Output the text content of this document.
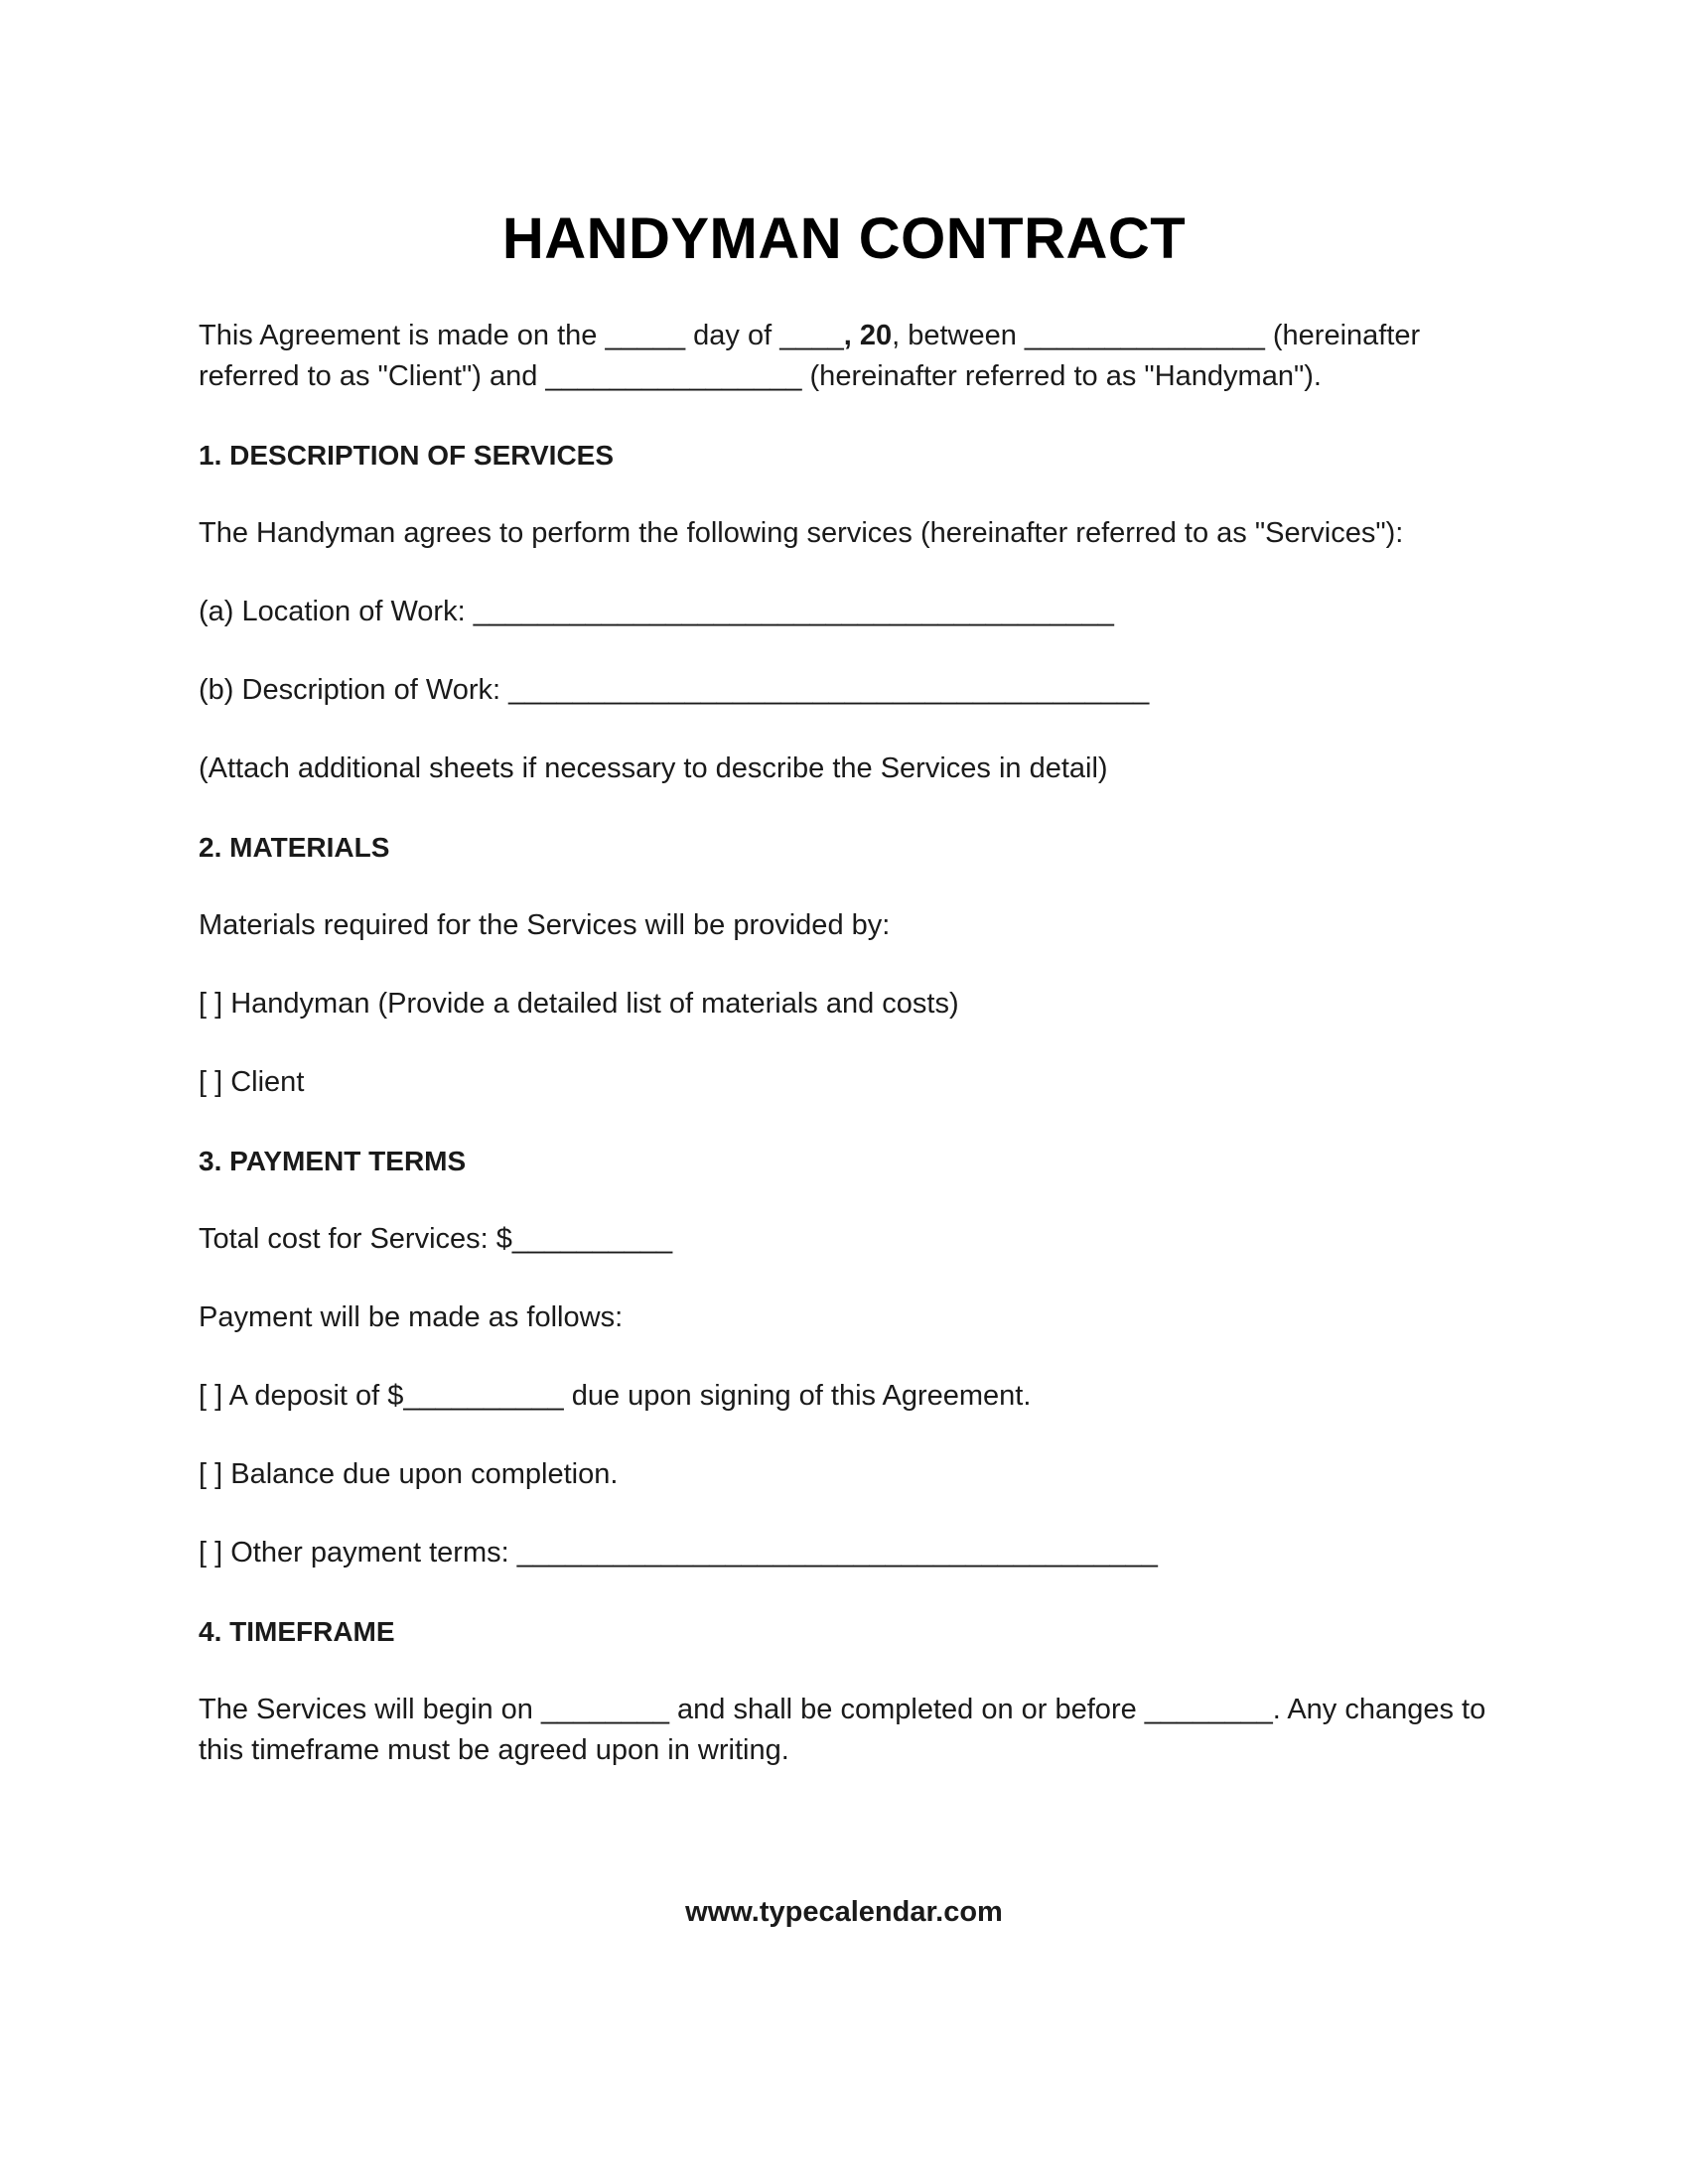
HANDYMAN CONTRACT

This Agreement is made on the _____ day of ____, 20, between _______________ (hereinafter referred to as "Client") and ________________ (hereinafter referred to as "Handyman").

1. DESCRIPTION OF SERVICES

The Handyman agrees to perform the following services (hereinafter referred to as "Services"):

(a) Location of Work: ________________________________________

(b) Description of Work: ________________________________________

(Attach additional sheets if necessary to describe the Services in detail)

2. MATERIALS

Materials required for the Services will be provided by:

[ ] Handyman (Provide a detailed list of materials and costs)

[ ] Client

3. PAYMENT TERMS

Total cost for Services: $__________

Payment will be made as follows:

[ ] A deposit of $__________ due upon signing of this Agreement.

[ ] Balance due upon completion.

[ ] Other payment terms: ________________________________________

4. TIMEFRAME

The Services will begin on ________ and shall be completed on or before ________. Any changes to this timeframe must be agreed upon in writing.

www.typecalendar.com
